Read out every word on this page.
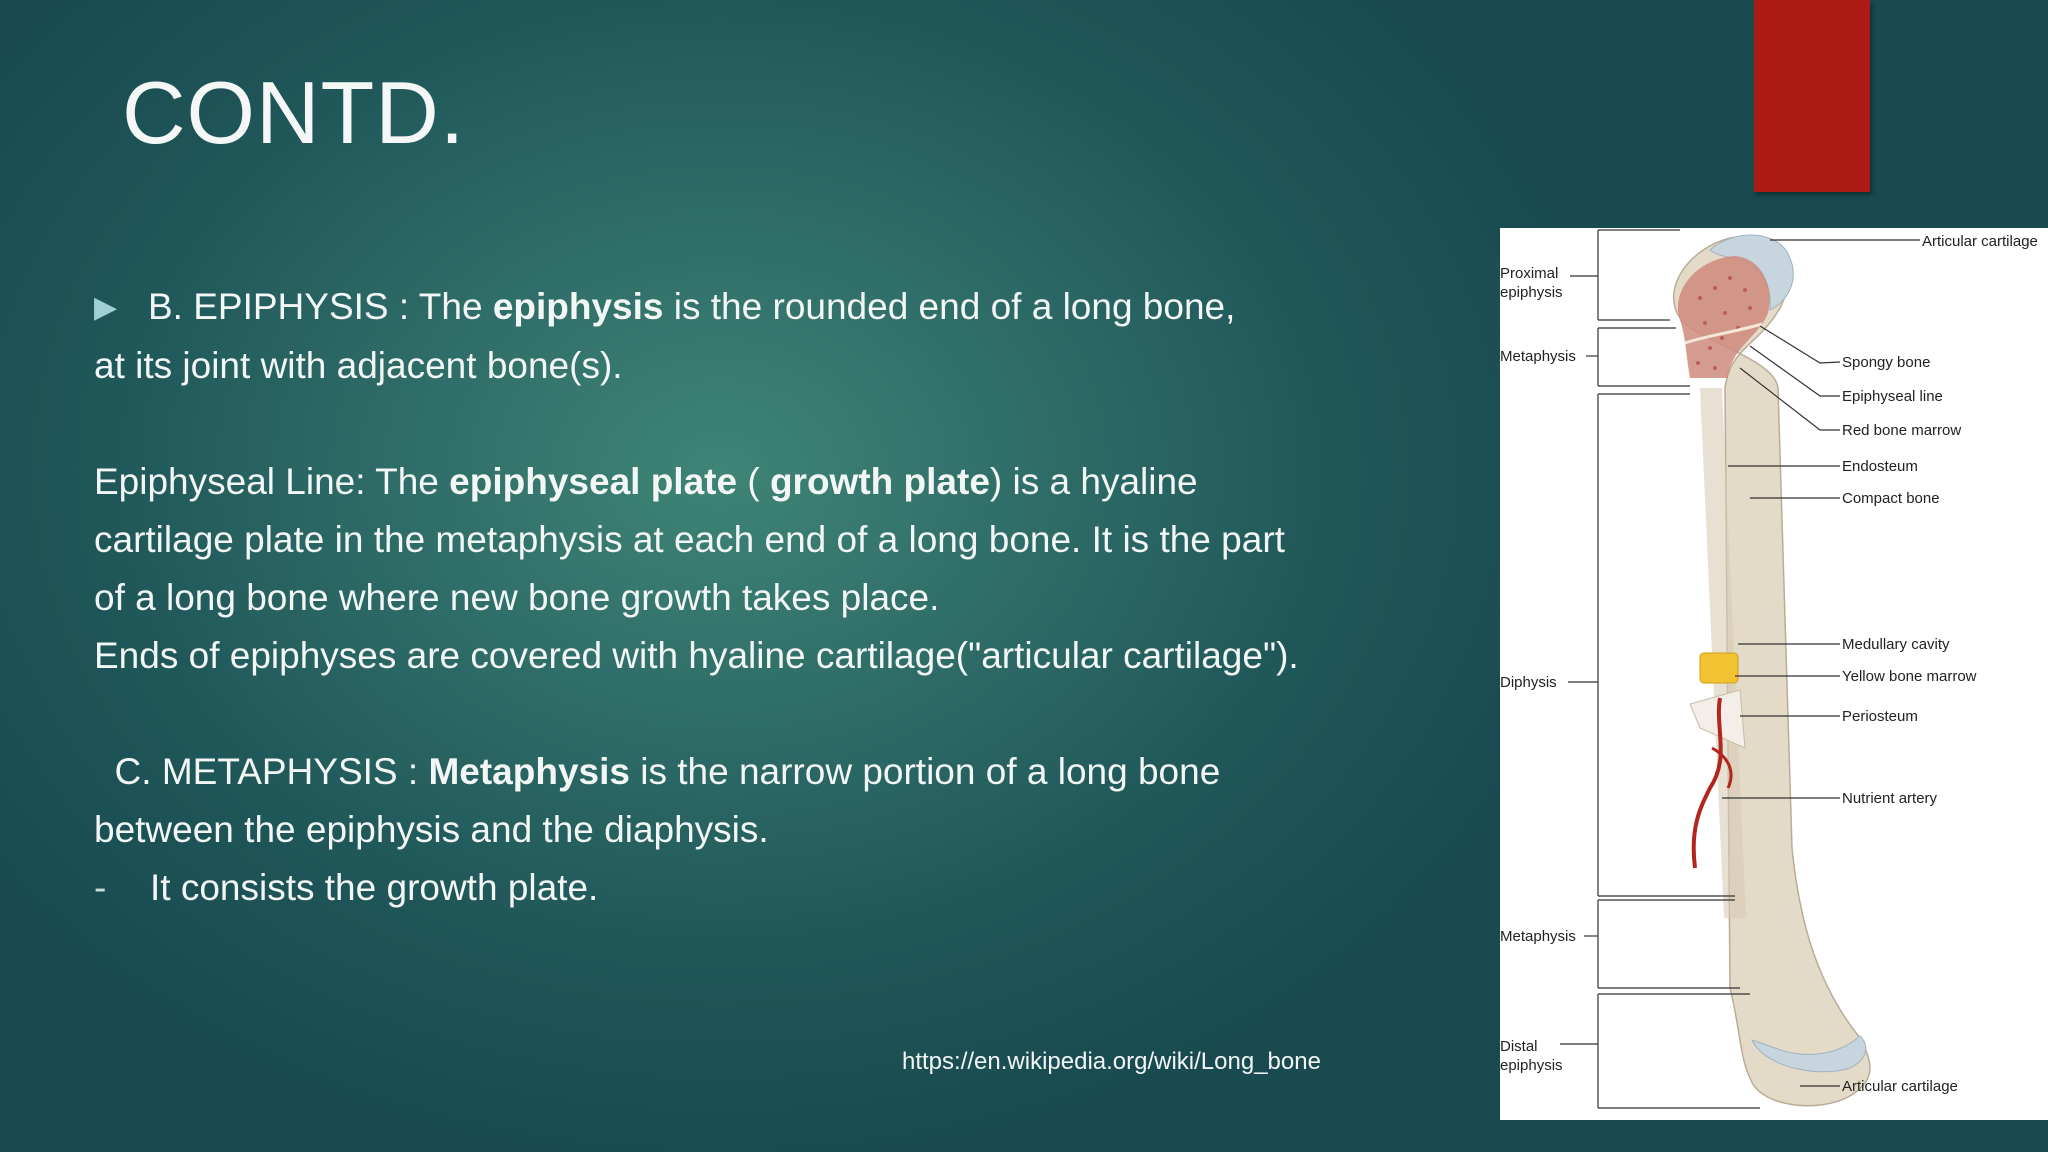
CONTD.

▶ B. EPIPHYSIS : The epiphysis is the rounded end of a long bone,

at its joint with adjacent bone(s).

Epiphyseal Line: The epiphyseal plate ( growth plate) is a hyaline

cartilage plate in the metaphysis at each end of a long bone. It is the part

of a long bone where new bone growth takes place.

Ends of epiphyses are covered with hyaline cartilage("articular cartilage").

C. METAPHYSIS : Metaphysis is the narrow portion of a long bone

between the epiphysis and the diaphysis.

- It consists the growth plate.

https://en.wikipedia.org/wiki/Long_bone
Proximal
epiphysis
Metaphysis
Diphysis
Metaphysis
Distal
epiphysis
Articular cartilage
Spongy bone
Epiphyseal line
Red bone marrow
Endosteum
Compact bone
Medullary cavity
Yellow bone marrow
Periosteum
Nutrient artery
Articular cartilage
